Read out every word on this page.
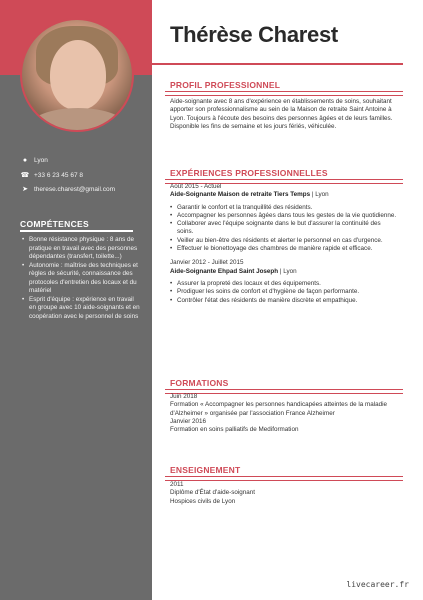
●	Lyon
☎ +33 6 23 45 67 8
➤ therese.charest@gmail.com
COMPÉTENCES
• Bonne résistance physique : 8 ans de pratique en travail avec des personnes dépendantes (transfert, toilette...)
• Autonomie : maîtrise des techniques et règles de sécurité, connaissance des protocoles d'entretien des locaux et du matériel
• Esprit d'équipe : expérience en travail en groupe avec 10 aide-soignants et en coopération avec le personnel de soins
Thérèse Charest
PROFIL PROFESSIONNEL

Aide-soignante avec 8 ans d'expérience en établissements de soins, souhaitant apporter son professionnalisme au sein de la Maison de retraite Saint Antoine à Lyon. Toujours à l'écoute des besoins des personnes âgées et de leurs familles. Disponible les fins de semaine et les jours fériés, véhiculée.

EXPÉRIENCES PROFESSIONNELLES

Août 2015 - Actuel

Aide-Soignante Maison de retraite Tiers Temps | Lyon

• Garantir le confort et la tranquillité des résidents.
• Accompagner les personnes âgées dans tous les gestes de la vie quotidienne.
• Collaborer avec l'équipe soignante dans le but d'assurer la continuité des soins.
• Veiller au bien-être des résidents et alerter le personnel en cas d'urgence.
• Effectuer le bionettoyage des chambres de manière rapide et efficace.

Janvier 2012 - Juillet 2015

Aide-Soignante Ehpad Saint Joseph | Lyon

• Assurer la propreté des locaux et des équipements.
• Prodiguer les soins de confort et d'hygiène de façon performante.
• Contrôler l'état des résidents de manière discrète et empathique.
FORMATIONS

Juin 2018

Formation « Accompagner les personnes handicapées atteintes de la maladie d'Alzheimer » organisée par l'association France Alzheimer

Janvier 2016

Formation en soins palliatifs de Mediformation

ENSEIGNEMENT

2011

Diplôme d'État d'aide-soignant

Hospices civils de Lyon

livecareer.fr
